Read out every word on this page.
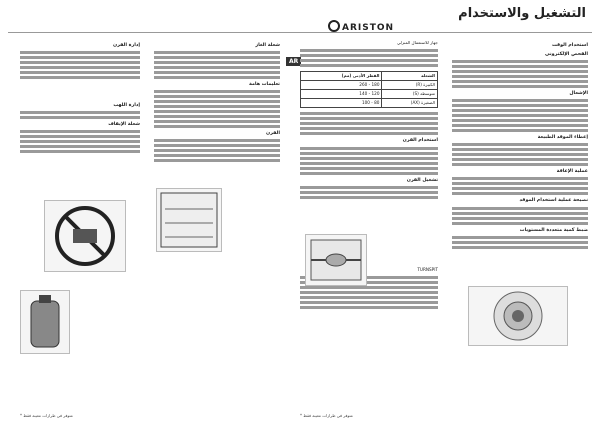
التشغيل والاستخدام
ARISTON
AR
استخدام الوقت
الفحص الإلكتروني
الإشعال
إعطاء الموقد الطبيعة
عملية الإعاقة
نصيحة عملية استخدام الموقد
ضبط كمية متعددة المستويات

جهاز للاستعمال المنزلي

الشعلة	القطر الأدنى (مم)
الكبيرة (R)	180 - 260
متوسطة (S)	120 - 140
الصغيرة (AX)	80 - 100
استخدام الفرن
تشغيل الفرن

TURNSPIT

شعلة الغاز
تعليمات هامة
الفرن
إدارة الفرن
إدارة اللهب
شعلة الإيقاف
* متوفر في طرازات معينة فقط	* متوفر في طرازات معينة فقط
